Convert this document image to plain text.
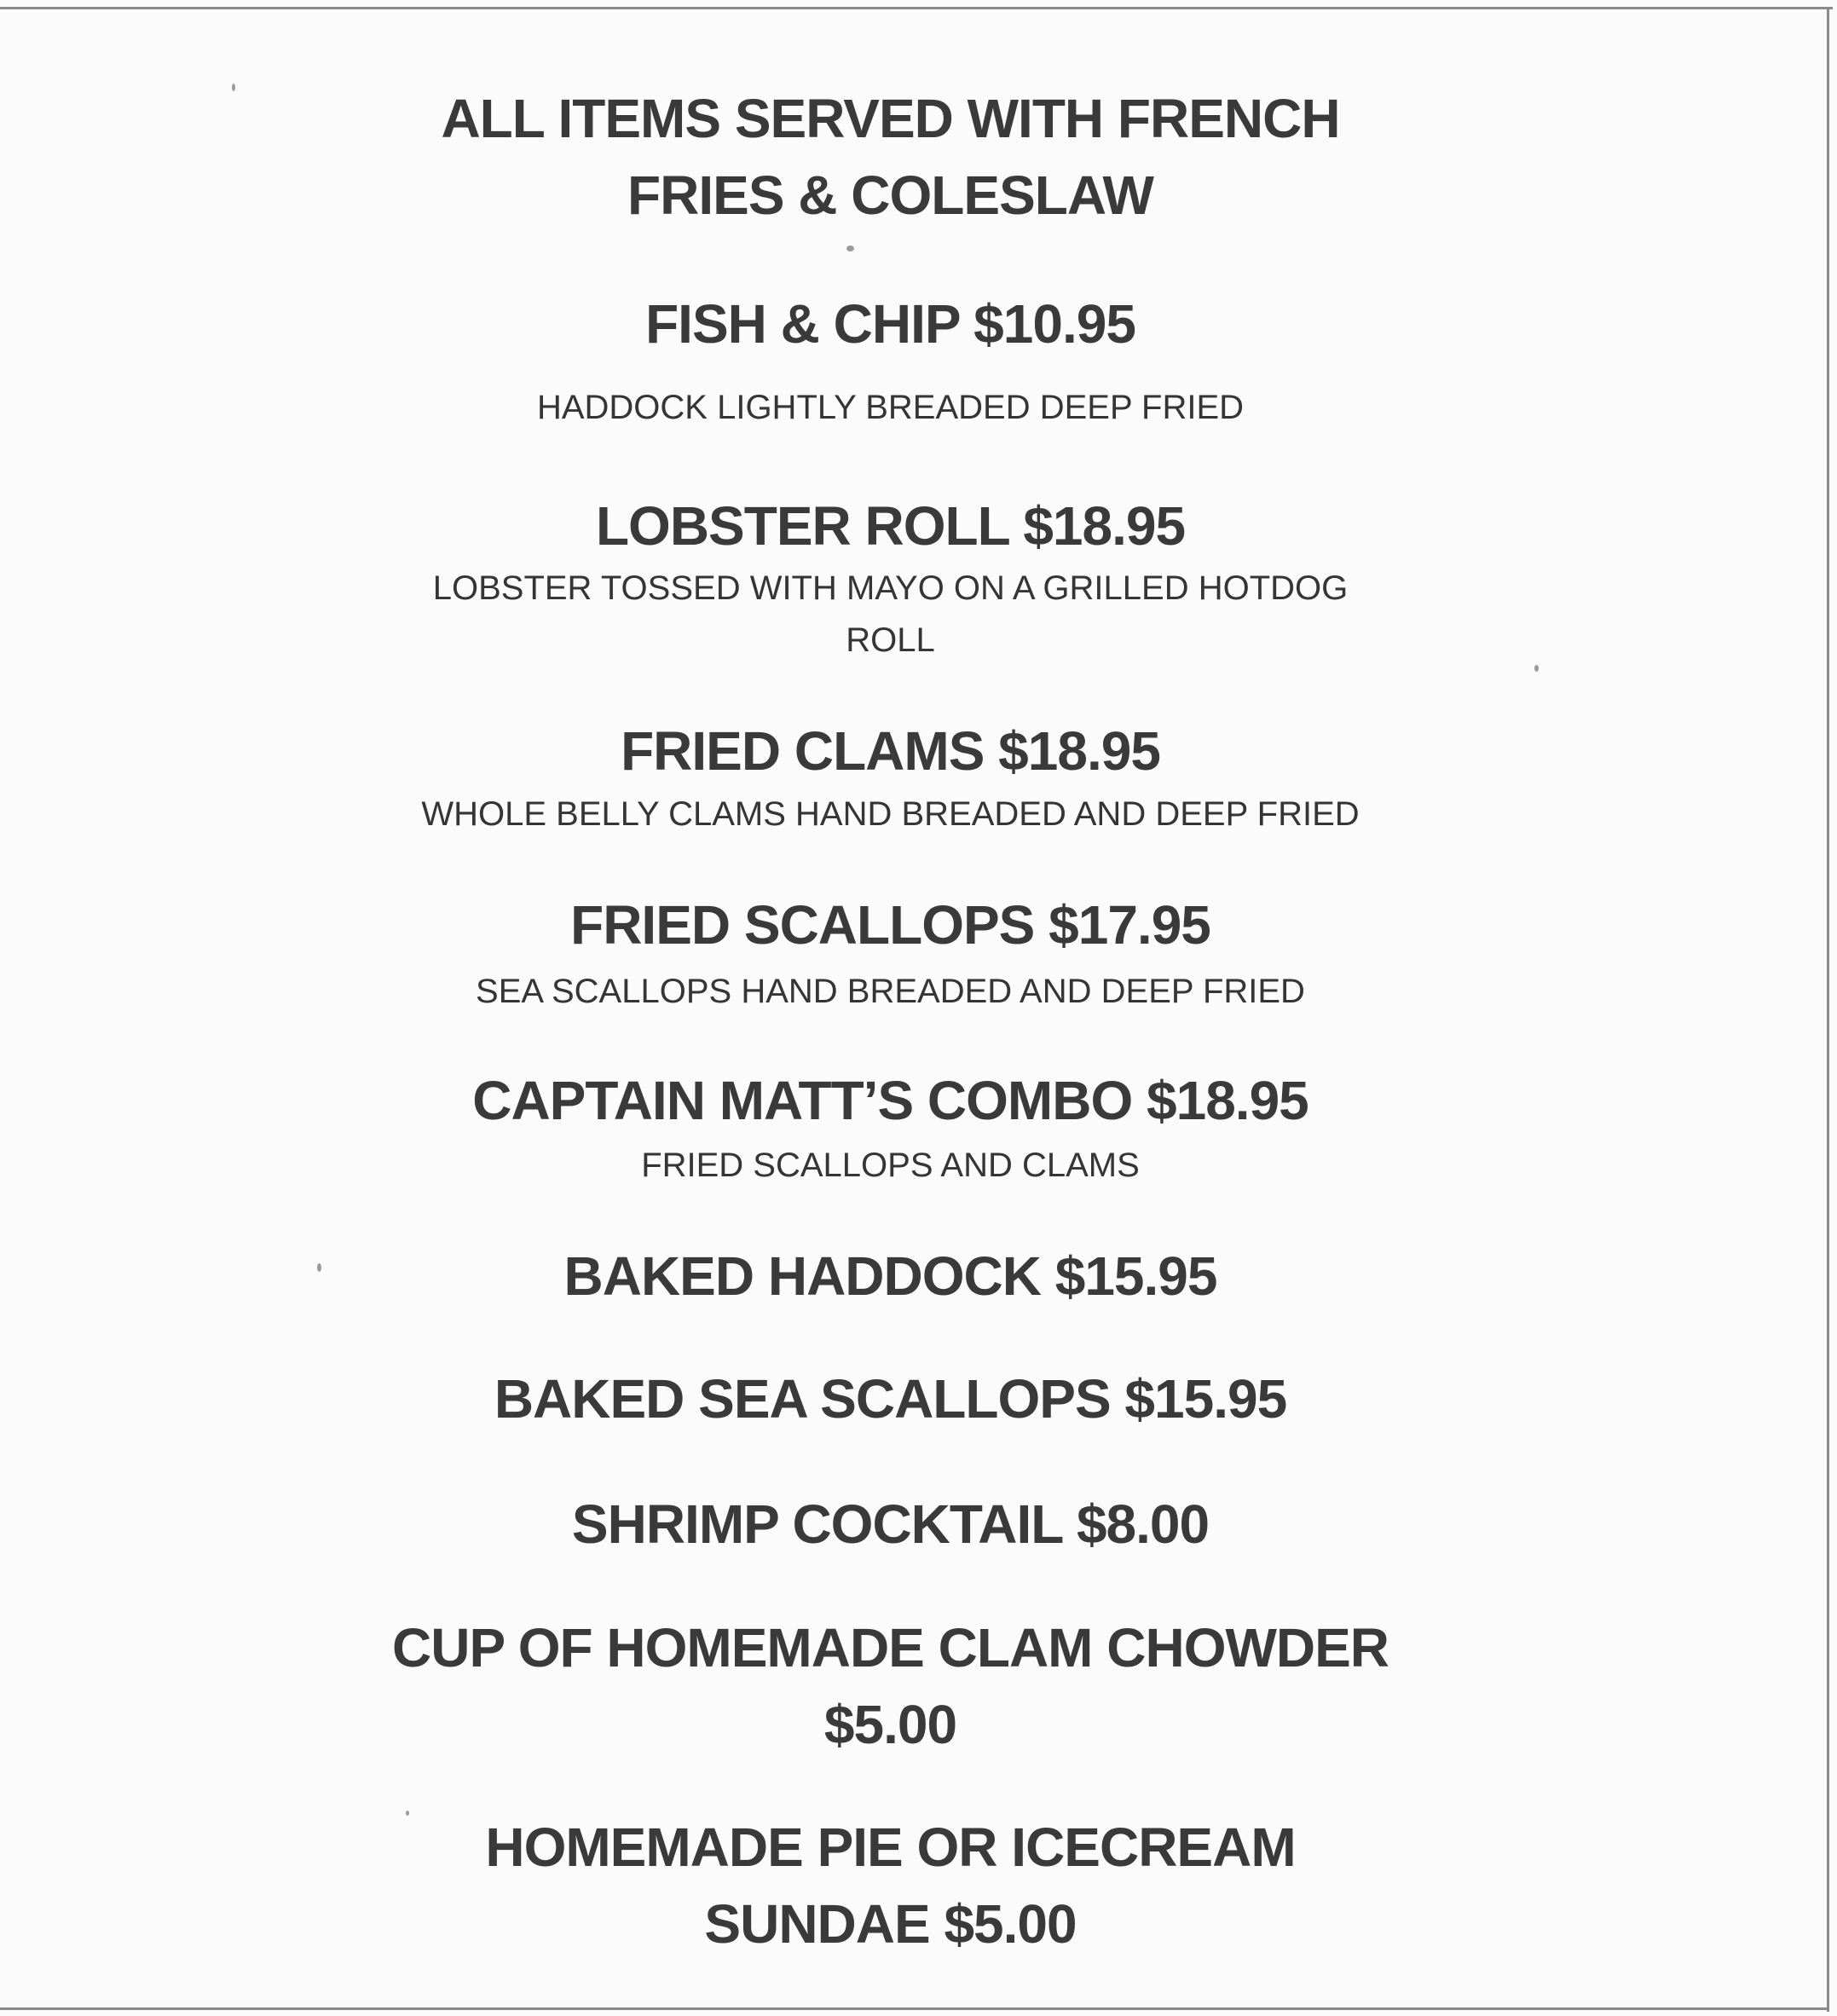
ALL ITEMS SERVED WITH FRENCH

FRIES & COLESLAW

FISH & CHIP $10.95

HADDOCK LIGHTLY BREADED DEEP FRIED

LOBSTER ROLL $18.95

LOBSTER TOSSED WITH MAYO ON A GRILLED HOTDOG

ROLL

FRIED CLAMS $18.95

WHOLE BELLY CLAMS HAND BREADED AND DEEP FRIED

FRIED SCALLOPS $17.95

SEA SCALLOPS HAND BREADED AND DEEP FRIED

CAPTAIN MATT’S COMBO $18.95

FRIED SCALLOPS AND CLAMS

BAKED HADDOCK $15.95

BAKED SEA SCALLOPS $15.95

SHRIMP COCKTAIL $8.00

CUP OF HOMEMADE CLAM CHOWDER

$5.00

HOMEMADE PIE OR ICECREAM

SUNDAE $5.00
